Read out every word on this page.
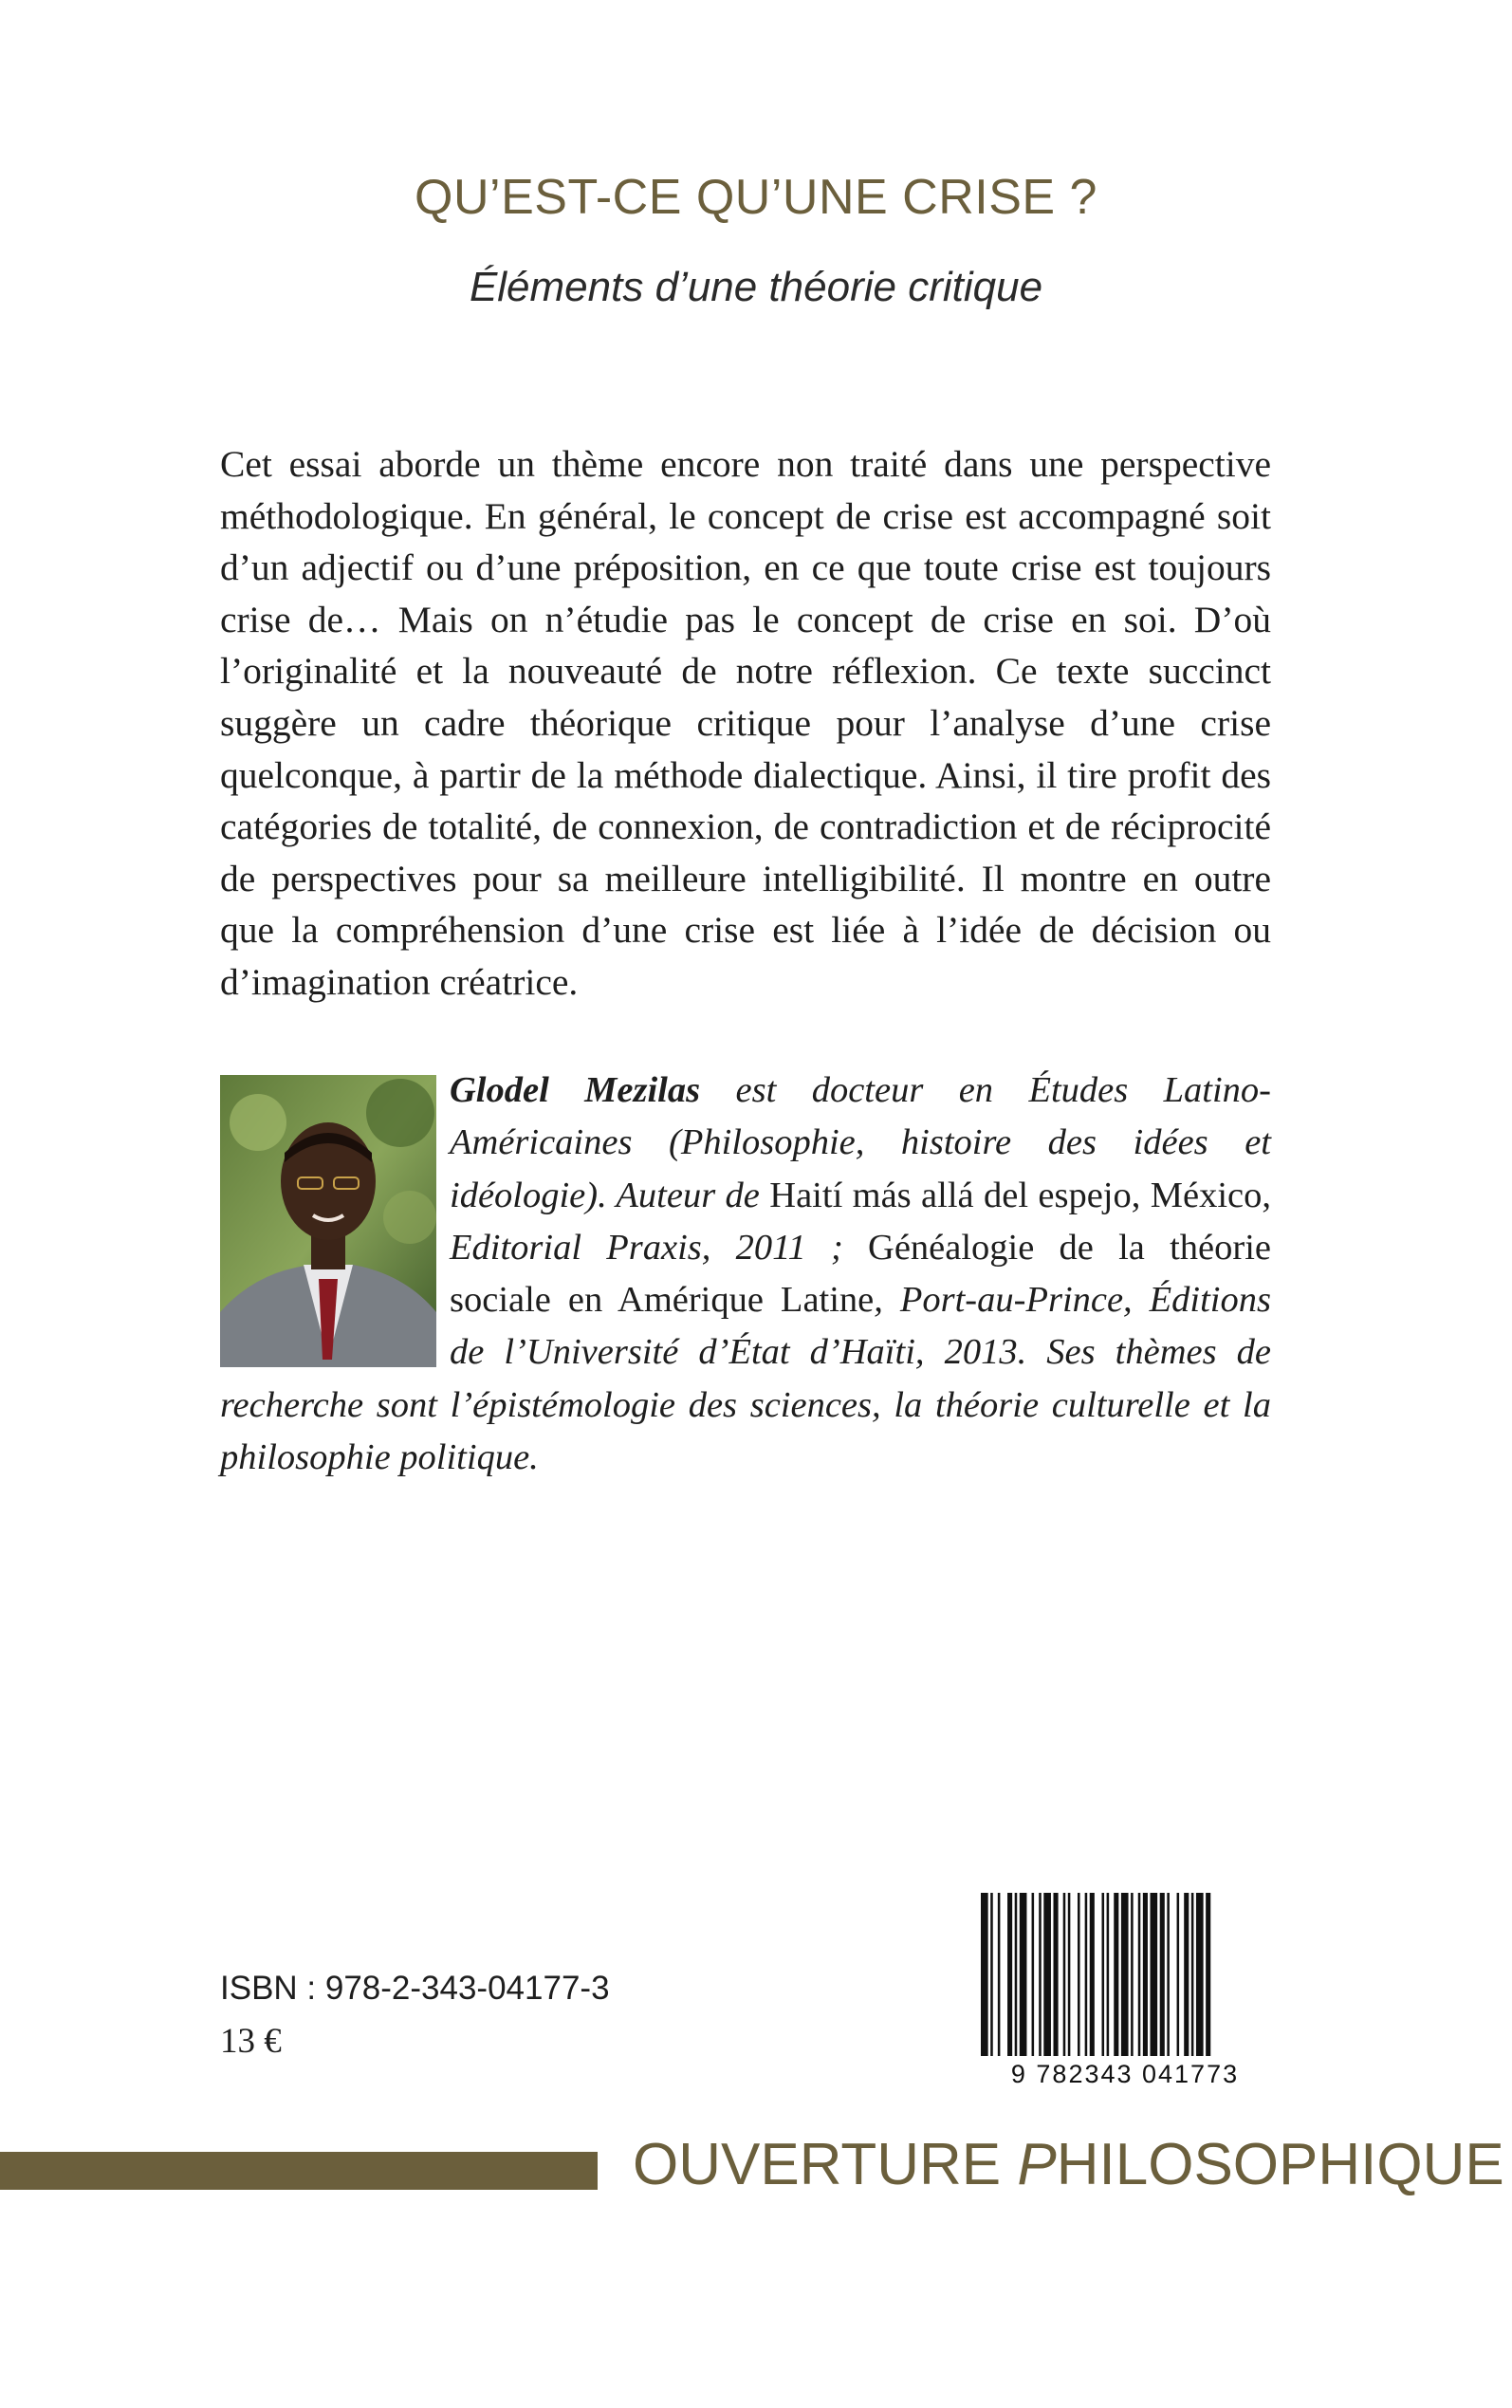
QU’EST-CE QU’UNE CRISE ?
Éléments d’une théorie critique

Cet essai aborde un thème encore non traité dans une perspective méthodologique. En général, le concept de crise est accompagné soit d’un adjectif ou d’une préposition, en ce que toute crise est toujours crise de… Mais on n’étudie pas le concept de crise en soi. D’où l’originalité et la nouveauté de notre réflexion. Ce texte succinct suggère un cadre théorique critique pour l’analyse d’une crise quelconque, à partir de la méthode dialectique. Ainsi, il tire profit des catégories de totalité, de connexion, de contradiction et de réciprocité de perspectives pour sa meilleure intelligibilité. Il montre en outre que la compréhension d’une crise est liée à l’idée de décision ou d’imagination créatrice.

Glodel Mezilas est docteur en Études Latino-Américaines (Philosophie, histoire des idées et idéologie). Auteur de Haití más allá del espejo, México, Editorial Praxis, 2011 ; Généalogie de la théorie sociale en Amérique Latine, Port-au-Prince, Éditions de l’Université d’État d’Haïti, 2013. Ses thèmes de recherche sont l’épistémologie des sciences, la théorie culturelle et la philosophie politique.

ISBN : 978-2-343-04177-3

13 €

9 782343 041773
OUVERTURE PHILOSOPHIQUE
